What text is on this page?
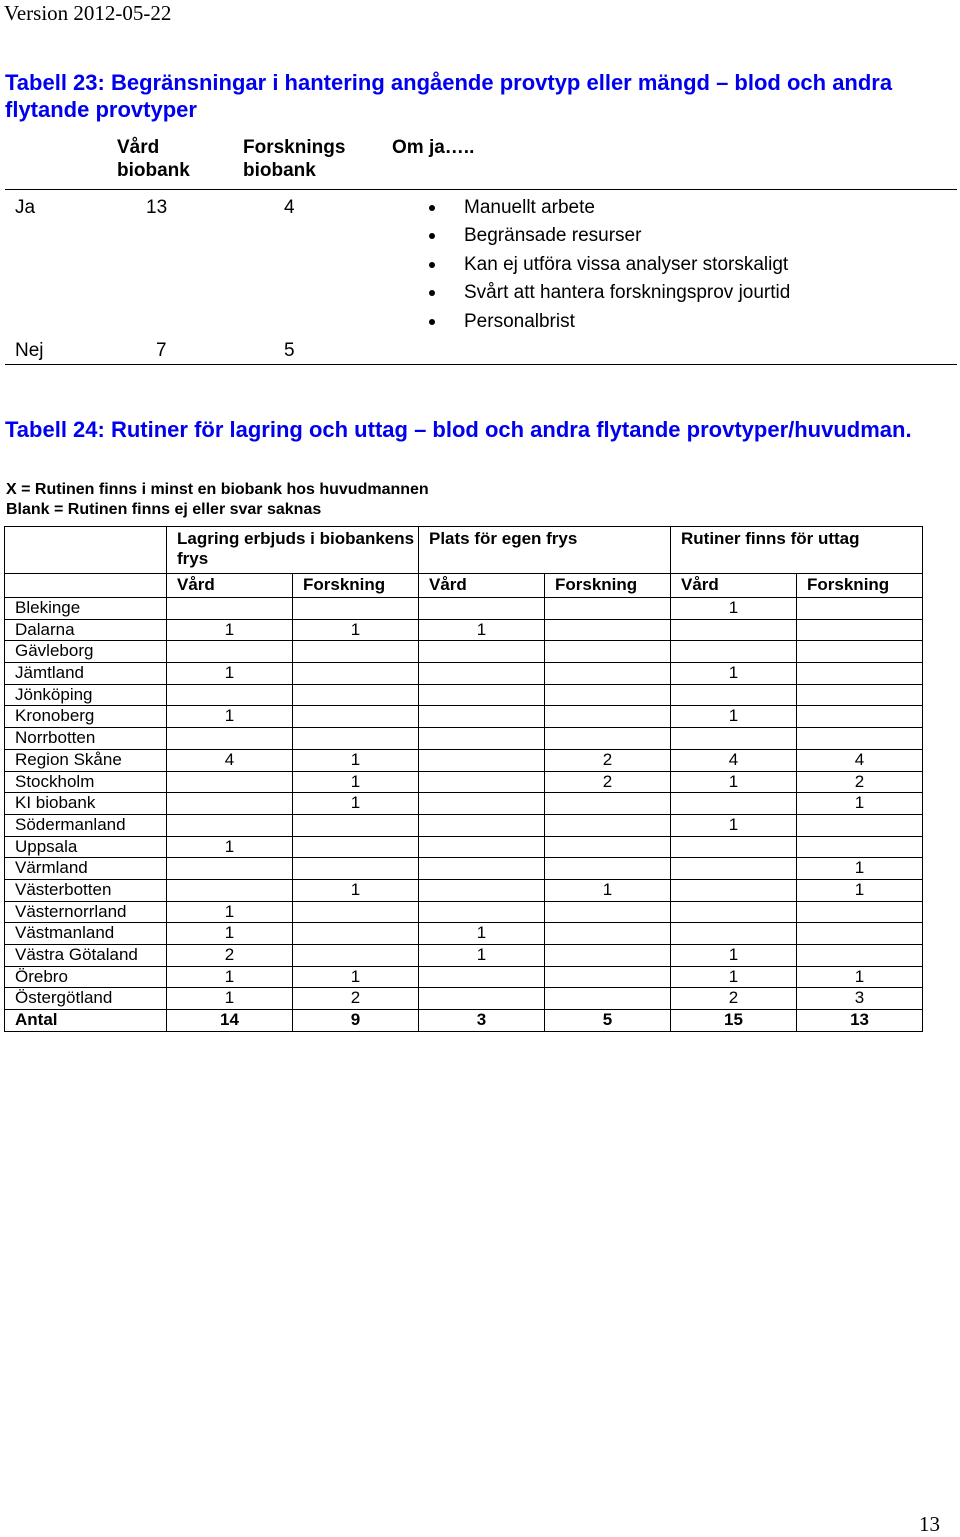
Version 2012-05-22
Tabell 23: Begränsningar i hantering angående provtyp eller mängd – blod och andra flytande provtyper
Vård
biobank
Forsknings
biobank
Om ja…..
Ja	13	4	Manuellt arbete
Begränsade resurser
Kan ej utföra vissa analyser storskaligt
Svårt att hantera forskningsprov jourtid
Personalbrist
Nej	7	5
Tabell 24: Rutiner för lagring och uttag – blod och andra flytande provtyper/huvudman.
X = Rutinen finns i minst en biobank hos huvudmannen
Blank = Rutinen finns ej eller svar saknas
	Lagring erbjuds i biobankens frys		Plats för egen frys		Rutiner finns för uttag	
	Vård	Forskning	Vård	Forskning	Vård	Forskning
Blekinge					1	
Dalarna	1	1	1			
Gävleborg						
Jämtland	1				1	
Jönköping						
Kronoberg	1				1	
Norrbotten						
Region Skåne	4	1		2	4	4
Stockholm		1		2	1	2
KI biobank		1				1
Södermanland					1	
Uppsala	1					
Värmland						1
Västerbotten		1		1		1
Västernorrland	1					
Västmanland	1		1			
Västra Götaland	2		1		1	
Örebro	1	1			1	1
Östergötland	1	2			2	3
Antal	14	9	3	5	15	13
13
